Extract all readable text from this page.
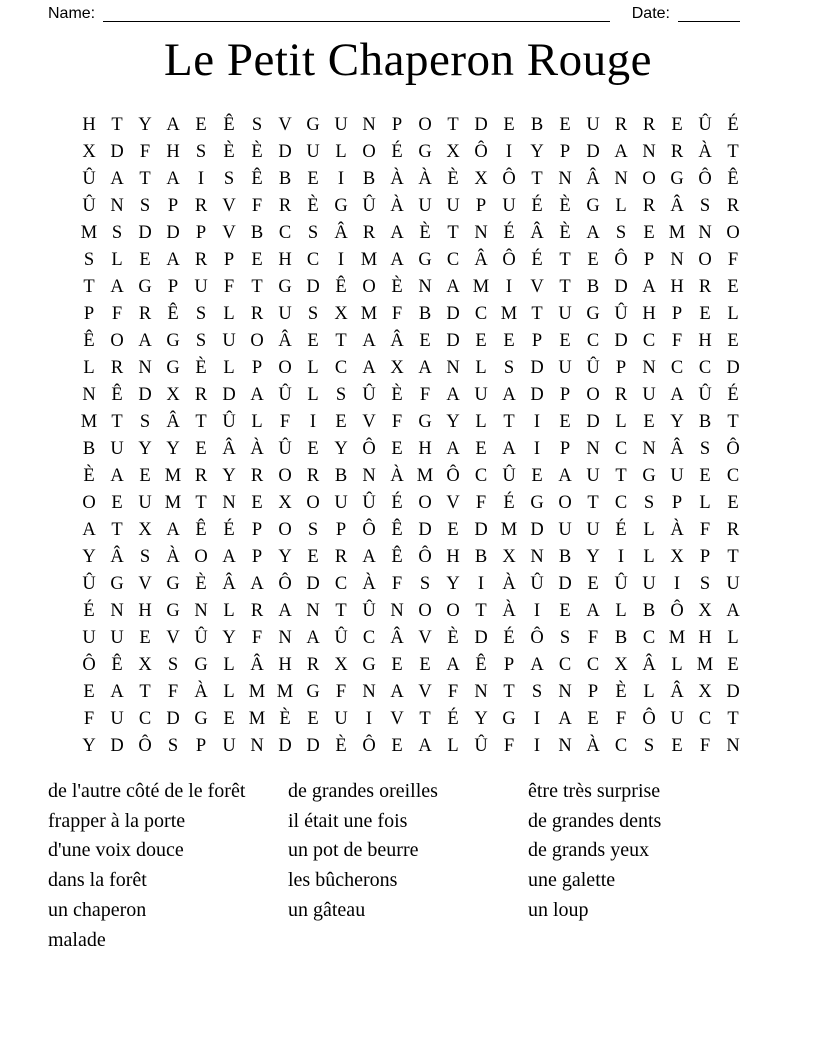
Name:	Date:
Le Petit Chaperon Rouge
H T Y A E Ê S V G U N P O T D E B E U R R E Û É
X D F H S È È D U L O É G X Ô I Y P D A N R À T
Û A T A I	S Ê B E	I	B À À È X Ô T N Â N O G Ô Ê
Û N S P R V F R È G Û À U U P U É È G L R Â S R
M S D D P V B C S Â R A È T N É Â È A S E M N O
S L E A R P E H C	I M A G C Â Ô É T E Ô P N O F
T A G P U F T G D Ê O È N A M I V T B D A H R E
P F R Ê S L R U S X M F B D C M T U G Û H P E L
Ê O A G S U O Â E T A Â E D E E P E C D C F H E
L R N G È L P O L C A X A N L S D U Û P N C C D
N Ê D X R D A Û L S Û È F A U A D P O R U A Û É
M T S Â T Û L F	I	E V F G Y L T	I	E D L E Y B T
B U Y Y E Â À Û E Y Ô E H A E A I	P N C N Â S Ô
È A E M R Y R O R B N À M Ô C Û E A U T G U E C
O E U M T N E X O U Û É O V F É G O T C S P L E
A T X A Ê É P O S P Ô Ê D E D M D U U É L À F R
Y Â S À O A P Y E R A Ê Ô H B X N B Y I	L X P T
Û G V G È Â A Ô D C À F S Y I À Û D E Û U I	S U
É N H G N L R A N T Û N O O T À I	E A L B Ô X A
U U E V Û Y F N A Û C Â V È D É Ô S F B C M H L
Ô Ê X S G L Â H R X G E E A Ê P A C C X Â L M E
E A T F À L M M G F N A V F N T S N P È L Â X D
F U C D G E M È E U I V T É Y G I A E F Ô U C T
Y D Ô S P U N D D È Ô E A L Û F	I N À C S E F N
de l'autre côté de le forêt
frapper à la porte
d'une voix douce
dans la forêt
un chaperon
malade
de grandes oreilles
il était une fois
un pot de beurre
les bûcherons
un gâteau
être très surprise
de grandes dents
de grands yeux
une galette
un loup
